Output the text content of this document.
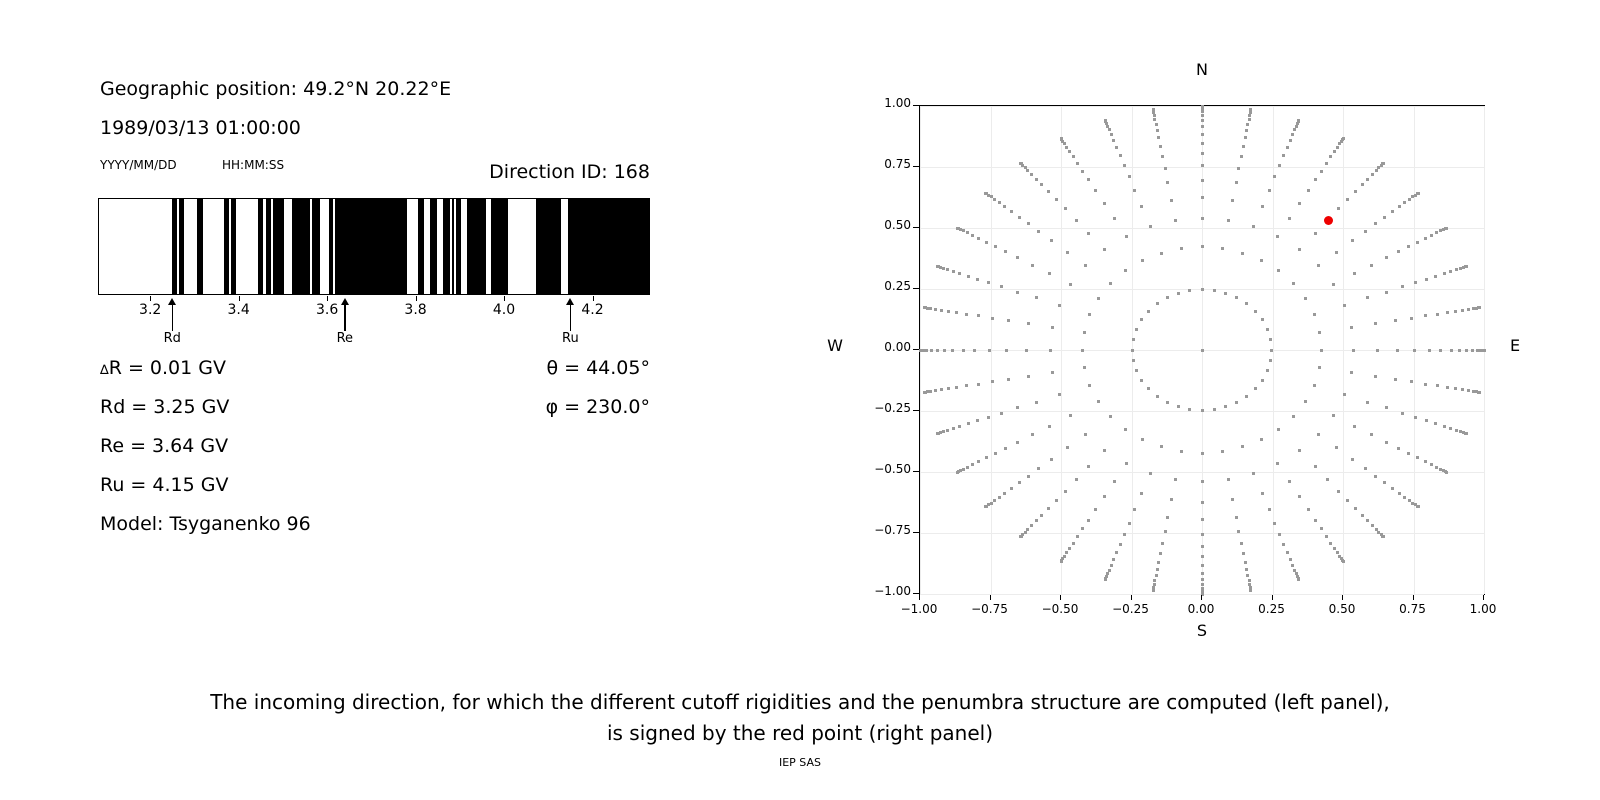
Geographic position: 49.2°N 20.22°E
1989/03/13 01:00:00
YYYY/MM/DD	HH:MM:SS	Direction ID: 168
∆R = 0.01 GV
Rd = 3.25 GV
Re = 3.64 GV
Ru = 4.15 GV
Model: Tsyganenko 96
θ = 44.05°
φ = 230.0°
N
S
W	E
The incoming direction, for which the different cutoff rigidities and the penumbra structure are computed (left panel),
is signed by the red point (right panel)
IEP SAS
3.2	3.4	3.6	3.8	4.0	4.2
Rd	Re	Ru
−1.00	−0.75	−0.50	−0.25	0.00	0.25	0.50	0.75	1.00
−1.00
−0.75
−0.50
−0.25
0.00
0.25
0.50
0.75
1.00
